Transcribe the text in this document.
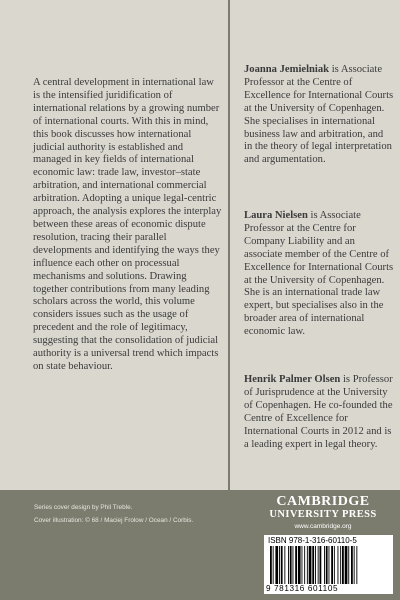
A central development in international law is the intensified juridification of international relations by a growing number of international courts. With this in mind, this book discusses how international judicial authority is established and managed in key fields of international economic law: trade law, investor–state arbitration, and international commercial arbitration. Adopting a unique legal-centric approach, the analysis explores the interplay between these areas of economic dispute resolution, tracing their parallel developments and identifying the ways they influence each other on processual mechanisms and solutions. Drawing together contributions from many leading scholars across the world, this volume considers issues such as the usage of precedent and the role of legitimacy, suggesting that the consolidation of judicial authority is a universal trend which impacts on state behaviour.

Joanna Jemielniak is Associate Professor at the Centre of Excellence for International Courts at the University of Copenhagen. She specialises in international business law and arbitration, and in the theory of legal interpretation and argumentation.

Laura Nielsen is Associate Professor at the Centre for Company Liability and an associate member of the Centre of Excellence for International Courts at the University of Copenhagen. She is an international trade law expert, but specialises also in the broader area of international economic law.

Henrik Palmer Olsen is Professor of Jurisprudence at the University of Copenhagen. He co-founded the Centre of Excellence for International Courts in 2012 and is a leading expert in legal theory.

Series cover design by Phil Treble.

Cover illustration: © 68 / Maciej Frolow / Ocean / Corbis.

CAMBRIDGE
UNIVERSITY PRESS
www.cambridge.org
ISBN 978-1-316-60110-5
9 781316 601105
